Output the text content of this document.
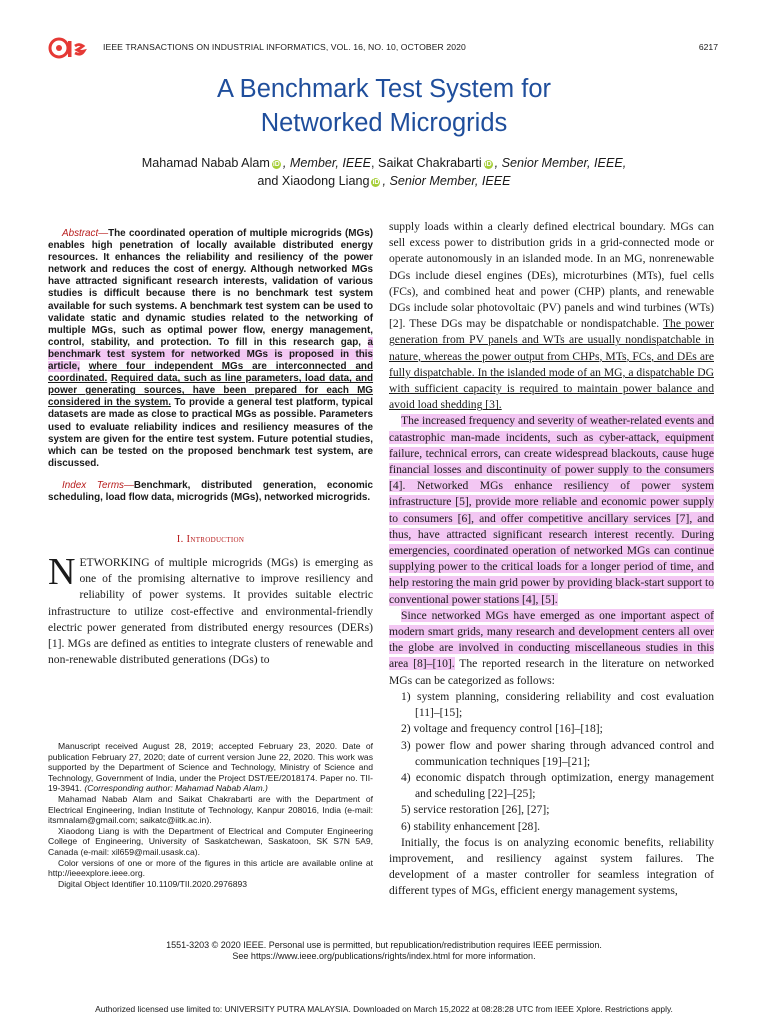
IEEE TRANSACTIONS ON INDUSTRIAL INFORMATICS, VOL. 16, NO. 10, OCTOBER 2020	6217
A Benchmark Test System for
Networked Microgrids
Mahamad Nabab Alam iD , Member, IEEE, Saikat Chakrabarti iD , Senior Member, IEEE,
and Xiaodong Liang iD , Senior Member, IEEE

Abstract—The coordinated operation of multiple microgrids (MGs) enables high penetration of locally available distributed energy resources. It enhances the reliability and resiliency of the power network and reduces the cost of energy. Although networked MGs have attracted significant research interests, validation of various studies is difficult because there is no benchmark test system available for such systems. A benchmark test system can be used to validate static and dynamic studies related to the networking of multiple MGs, such as optimal power flow, energy management, control, stability, and protection. To fill in this research gap, a benchmark test system for networked MGs is proposed in this article, where four independent MGs are interconnected and coordinated. Required data, such as line parameters, load data, and power generating sources, have been prepared for each MG considered in the system. To provide a general test platform, typical datasets are made as close to practical MGs as possible. Parameters used to evaluate reliability indices and resiliency measures of the system are given for the entire test system. Future potential studies, which can be tested on the proposed benchmark test system, are discussed.

Index Terms—Benchmark, distributed generation, economic scheduling, load flow data, microgrids (MGs), networked microgrids.

I. Introduction

NETWORKING of multiple microgrids (MGs) is emerging as one of the promising alternative to improve resiliency and reliability of power systems. It provides suitable electric infrastructure to utilize cost-effective and environmental-friendly electric power generated from distributed energy resources (DERs) [1]. MGs are defined as entities to integrate clusters of renewable and non-renewable distributed generations (DGs) to

Manuscript received August 28, 2019; accepted February 23, 2020. Date of publication February 27, 2020; date of current version June 22, 2020. This work was supported by the Department of Science and Technology, Ministry of Science and Technology, Government of India, under the Project DST/EE/2018174. Paper no. TII-19-3941. (Corresponding author: Mahamad Nabab Alam.)

Mahamad Nabab Alam and Saikat Chakrabarti are with the Department of Electrical Engineering, Indian Institute of Technology, Kanpur 208016, India (e-mail: itsmnalam@gmail.com; saikatc@iitk.ac.in).

Xiaodong Liang is with the Department of Electrical and Computer Engineering College of Engineering, University of Saskatchewan, Saskatoon, SK S7N 5A9, Canada (e-mail: xil659@mail.usask.ca).

Color versions of one or more of the figures in this article are available online at http://ieeexplore.ieee.org.

Digital Object Identifier 10.1109/TII.2020.2976893

supply loads within a clearly defined electrical boundary. MGs can sell excess power to distribution grids in a grid-connected mode or operate autonomously in an islanded mode. In an MG, nonrenewable DGs include diesel engines (DEs), microturbines (MTs), fuel cells (FCs), and combined heat and power (CHP) plants, and renewable DGs include solar photovoltaic (PV) panels and wind turbines (WTs) [2]. These DGs may be dispatchable or nondispatchable. The power generation from PV panels and WTs are usually nondispatchable in nature, whereas the power output from CHPs, MTs, FCs, and DEs are fully dispatchable. In the islanded mode of an MG, a dispatchable DG with sufficient capacity is required to maintain power balance and avoid load shedding [3].

The increased frequency and severity of weather-related events and catastrophic man-made incidents, such as cyber-attack, equipment failure, technical errors, can create widespread blackouts, cause huge financial losses and discontinuity of power supply to the consumers [4]. Networked MGs enhance resiliency of power system infrastructure [5], provide more reliable and economic power supply to consumers [6], and offer competitive ancillary services [7], and thus, have attracted significant research interest recently. During emergencies, coordinated operation of networked MGs can continue supplying power to the critical loads for a longer period of time, and help restoring the main grid power by providing black-start support to conventional power stations [4], [5].

Since networked MGs have emerged as one important aspect of modern smart grids, many research and development centers all over the globe are involved in conducting miscellaneous studies in this area [8]–[10]. The reported research in the literature on networked MGs can be categorized as follows:

1) system planning, considering reliability and cost evaluation [11]–[15];
2) voltage and frequency control [16]–[18];
3) power flow and power sharing through advanced control and communication techniques [19]–[21];
4) economic dispatch through optimization, energy management and scheduling [22]–[25];
5) service restoration [26], [27];
6) stability enhancement [28].

Initially, the focus is on analyzing economic benefits, reliability improvement, and resiliency against system failures. The development of a master controller for seamless integration of different types of MGs, efficient energy management systems,

1551-3203 © 2020 IEEE. Personal use is permitted, but republication/redistribution requires IEEE permission.
See https://www.ieee.org/publications/rights/index.html for more information.
Authorized licensed use limited to: UNIVERSITY PUTRA MALAYSIA. Downloaded on March 15,2022 at 08:28:28 UTC from IEEE Xplore. Restrictions apply.
